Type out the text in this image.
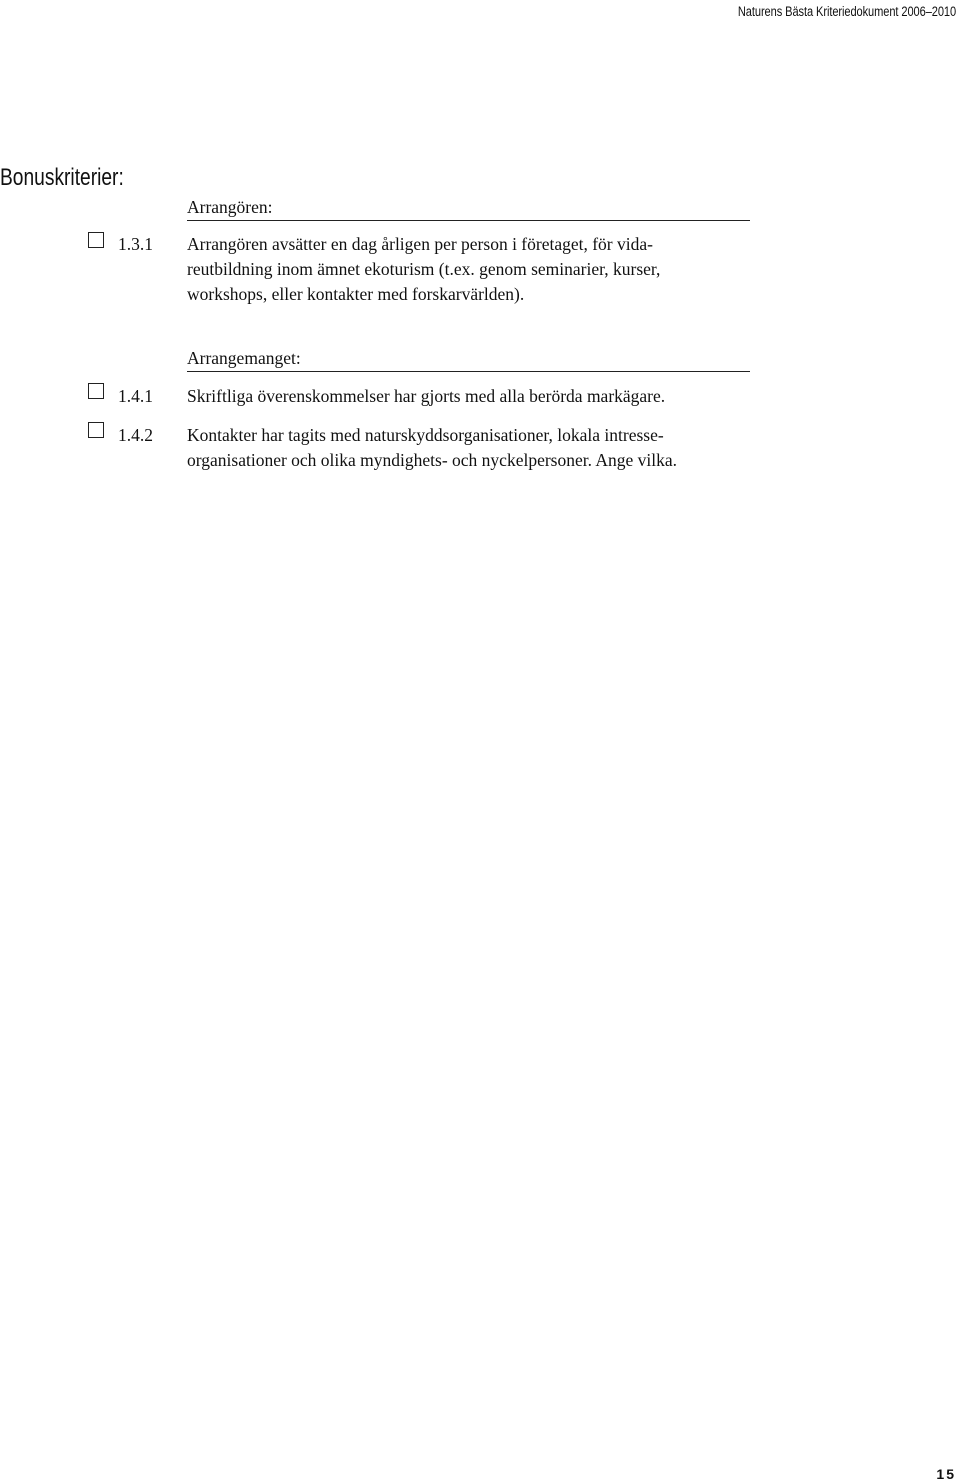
Naturens Bästa Kriteriedokument 2006–2010
Bonuskriterier:
Arrangören:
1.3.1 Arrangören avsätter en dag årligen per person i företaget, för vida-
reutbildning inom ämnet ekoturism (t.ex. genom seminarier, kurser,
workshops, eller kontakter med forskarvärlden).
Arrangemanget:
1.4.1 Skriftliga överenskommelser har gjorts med alla berörda markägare.
1.4.2 Kontakter har tagits med naturskyddsorganisationer, lokala intresse-
organisationer och olika myndighets- och nyckelpersoner. Ange vilka.
15
